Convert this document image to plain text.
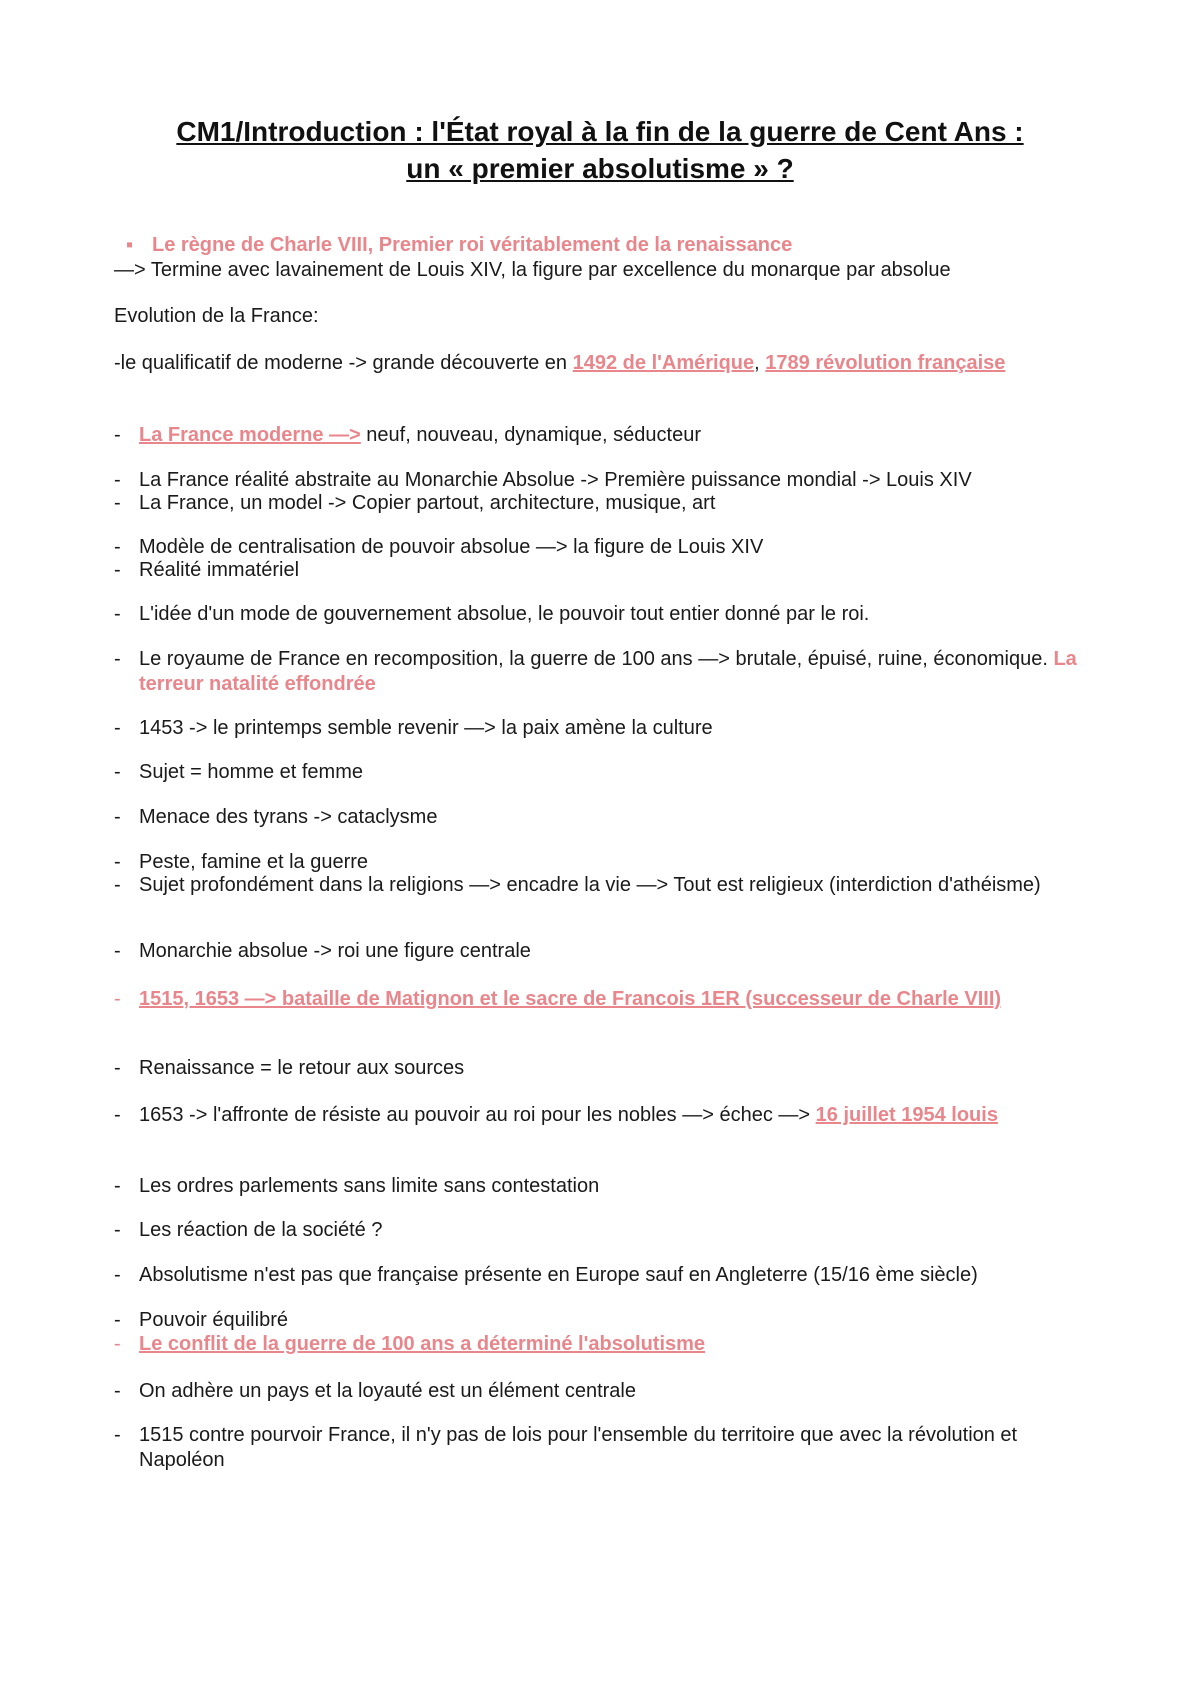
CM1/Introduction : l'État royal à la fin de la guerre de Cent Ans :
un « premier absolutisme » ?
▪ Le règne de Charle VIII, Premier roi véritablement de la renaissance
—> Termine avec lavainement de Louis XIV, la figure par excellence du monarque par absolue
Evolution de la France:
-le qualificatif de moderne -> grande découverte en 1492 de l'Amérique, 1789 révolution française
- La France moderne —> neuf, nouveau, dynamique, séducteur
- La France réalité abstraite au Monarchie Absolue -> Première puissance mondial -> Louis XIV
- La France, un model -> Copier partout, architecture, musique, art
- Modèle de centralisation de pouvoir absolue —> la figure de Louis XIV
- Réalité immatériel
- L'idée d'un mode de gouvernement absolue, le pouvoir tout entier donné par le roi.
- Le royaume de France en recomposition, la guerre de 100 ans —> brutale, épuisé, ruine, économique. La terreur natalité effondrée
- 1453 -> le printemps semble revenir —> la paix amène la culture
- Sujet = homme et femme
- Menace des tyrans -> cataclysme
- Peste, famine et la guerre
- Sujet profondément dans la religions —> encadre la vie —> Tout est religieux (interdiction d'athéisme)
- Monarchie absolue -> roi une figure centrale
- 1515, 1653 —> bataille de Matignon et le sacre de Francois 1ER (successeur de Charle VIII)
- Renaissance = le retour aux sources
- 1653 -> l'affronte de résiste au pouvoir au roi pour les nobles —> échec —> 16 juillet 1954 louis
- Les ordres parlements sans limite sans contestation
- Les réaction de la société ?
- Absolutisme n'est pas que française présente en Europe sauf en Angleterre (15/16 ème siècle)
- Pouvoir équilibré
- Le conflit de la guerre de 100 ans a déterminé l'absolutisme
- On adhère un pays et la loyauté est un élément centrale
- 1515 contre pourvoir France, il n'y pas de lois pour l'ensemble du territoire que avec la révolution et Napoléon
